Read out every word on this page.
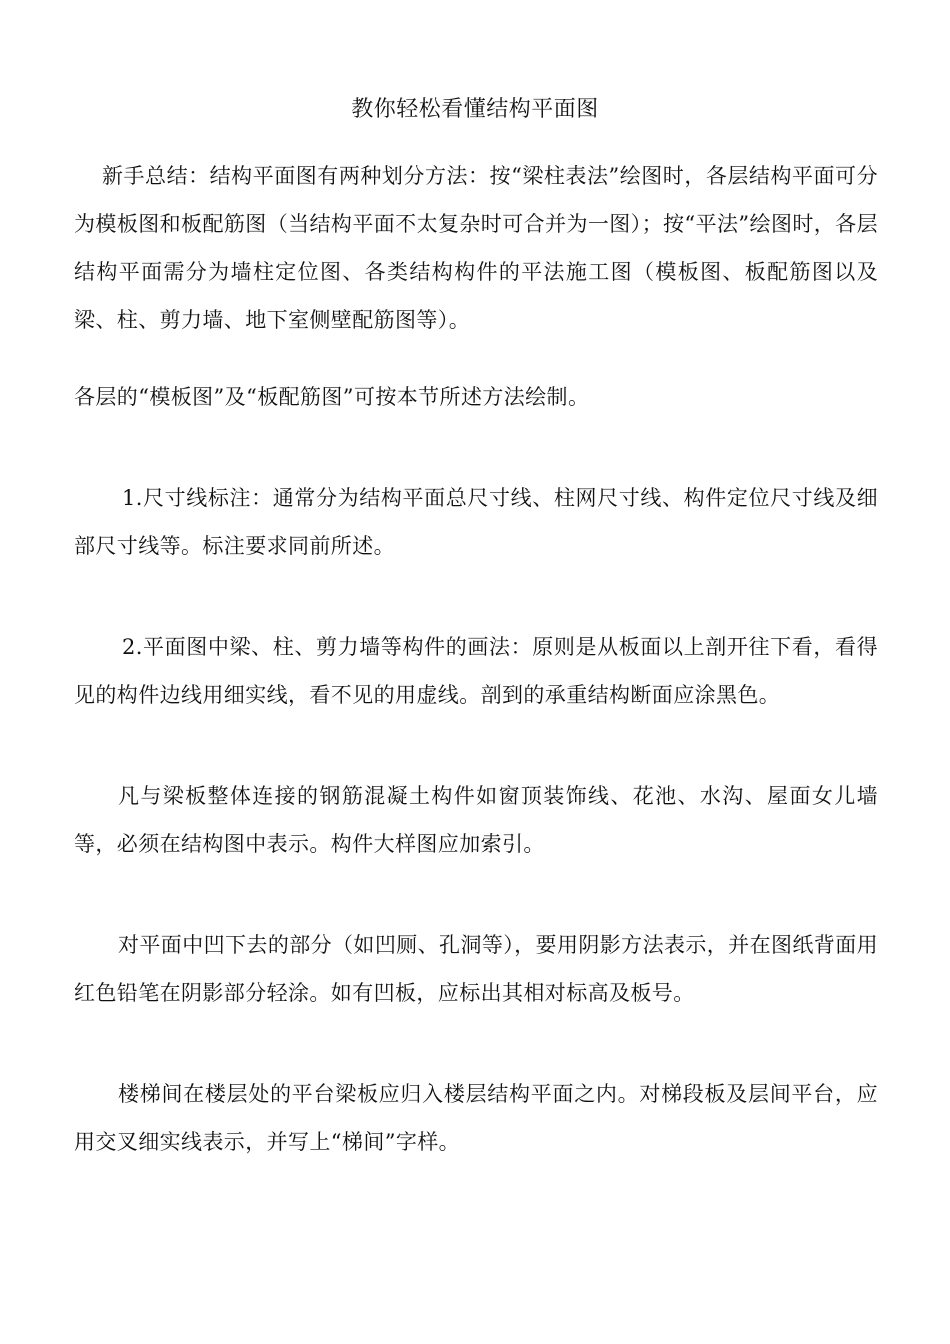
教你轻松看懂结构平面图

新手总结：结构平面图有两种划分方法：按“梁柱表法”绘图时，各层结构平面可分为模板图和板配筋图（当结构平面不太复杂时可合并为一图）；按“平法”绘图时，各层结构平面需分为墙柱定位图、各类结构构件的平法施工图（模板图、板配筋图以及梁、柱、剪力墙、地下室侧壁配筋图等）。

各层的“模板图”及“板配筋图”可按本节所述方法绘制。

1.尺寸线标注：通常分为结构平面总尺寸线、柱网尺寸线、构件定位尺寸线及细部尺寸线等。标注要求同前所述。

2.平面图中梁、柱、剪力墙等构件的画法：原则是从板面以上剖开往下看，看得见的构件边线用细实线，看不见的用虚线。剖到的承重结构断面应涂黑色。

凡与梁板整体连接的钢筋混凝土构件如窗顶装饰线、花池、水沟、屋面女儿墙等，必须在结构图中表示。构件大样图应加索引。

对平面中凹下去的部分（如凹厕、孔洞等），要用阴影方法表示，并在图纸背面用红色铅笔在阴影部分轻涂。如有凹板，应标出其相对标高及板号。

楼梯间在楼层处的平台梁板应归入楼层结构平面之内。对梯段板及层间平台，应用交叉细实线表示，并写上“梯间”字样。
